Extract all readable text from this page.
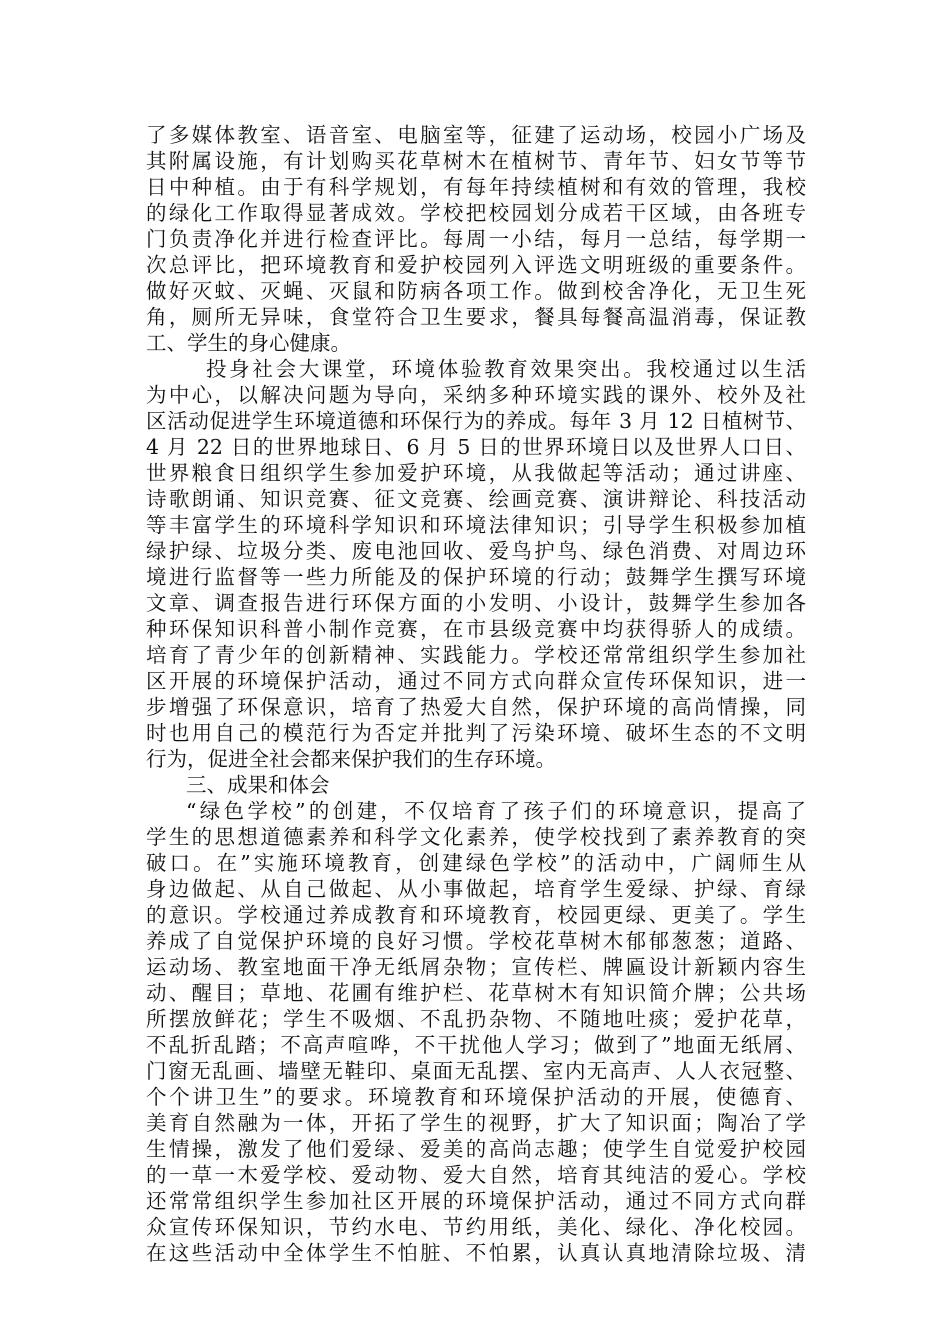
了多媒体教室、语音室、电脑室等，征建了运动场，校园小广场及
其附属设施，有计划购买花草树木在植树节、青年节、妇女节等节
日中种植。由于有科学规划，有每年持续植树和有效的管理，我校
的绿化工作取得显著成效。学校把校园划分成若干区域，由各班专
门负责净化并进行检查评比。每周一小结，每月一总结，每学期一
次总评比，把环境教育和爱护校园列入评选文明班级的重要条件。
做好灭蚊、灭蝇、灭鼠和防病各项工作。做到校舍净化，无卫生死
角，厕所无异味，食堂符合卫生要求，餐具每餐高温消毒，保证教
工、学生的身心健康。
投身社会大课堂，环境体验教育效果突出。我校通过以生活
为中心，以解决问题为导向，采纳多种环境实践的课外、校外及社
区活动促进学生环境道德和环保行为的养成。每年 3 月 12 日植树节、
4 月 22 日的世界地球日、6 月 5 日的世界环境日以及世界人口日、
世界粮食日组织学生参加爱护环境，从我做起等活动；通过讲座、
诗歌朗诵、知识竞赛、征文竞赛、绘画竞赛、演讲辩论、科技活动
等丰富学生的环境科学知识和环境法律知识；引导学生积极参加植
绿护绿、垃圾分类、废电池回收、爱鸟护鸟、绿色消费、对周边环
境进行监督等一些力所能及的保护环境的行动；鼓舞学生撰写环境
文章、调查报告进行环保方面的小发明、小设计，鼓舞学生参加各
种环保知识科普小制作竞赛，在市县级竞赛中均获得骄人的成绩。
培育了青少年的创新精神、实践能力。学校还常常组织学生参加社
区开展的环境保护活动，通过不同方式向群众宣传环保知识，进一
步增强了环保意识，培育了热爱大自然，保护环境的高尚情操，同
时也用自己的模范行为否定并批判了污染环境、破坏生态的不文明
行为，促进全社会都来保护我们的生存环境。
三、成果和体会
“绿色学校”的创建，不仅培育了孩子们的环境意识，提高了
学生的思想道德素养和科学文化素养，使学校找到了素养教育的突
破口。在”实施环境教育，创建绿色学校”的活动中，广阔师生从
身边做起、从自己做起、从小事做起，培育学生爱绿、护绿、育绿
的意识。学校通过养成教育和环境教育，校园更绿、更美了。学生
养成了自觉保护环境的良好习惯。学校花草树木郁郁葱葱；道路、
运动场、教室地面干净无纸屑杂物；宣传栏、牌匾设计新颖内容生
动、醒目；草地、花圃有维护栏、花草树木有知识简介牌；公共场
所摆放鲜花；学生不吸烟、不乱扔杂物、不随地吐痰；爱护花草，
不乱折乱踏；不高声喧哗，不干扰他人学习；做到了”地面无纸屑、
门窗无乱画、墙壁无鞋印、桌面无乱摆、室内无高声、人人衣冠整、
个个讲卫生”的要求。环境教育和环境保护活动的开展，使德育、
美育自然融为一体，开拓了学生的视野，扩大了知识面；陶冶了学
生情操，激发了他们爱绿、爱美的高尚志趣；使学生自觉爱护校园
的一草一木爱学校、爱动物、爱大自然，培育其纯洁的爱心。学校
还常常组织学生参加社区开展的环境保护活动，通过不同方式向群
众宣传环保知识，节约水电、节约用纸，美化、绿化、净化校园。
在这些活动中全体学生不怕脏、不怕累，认真认真地清除垃圾、清
